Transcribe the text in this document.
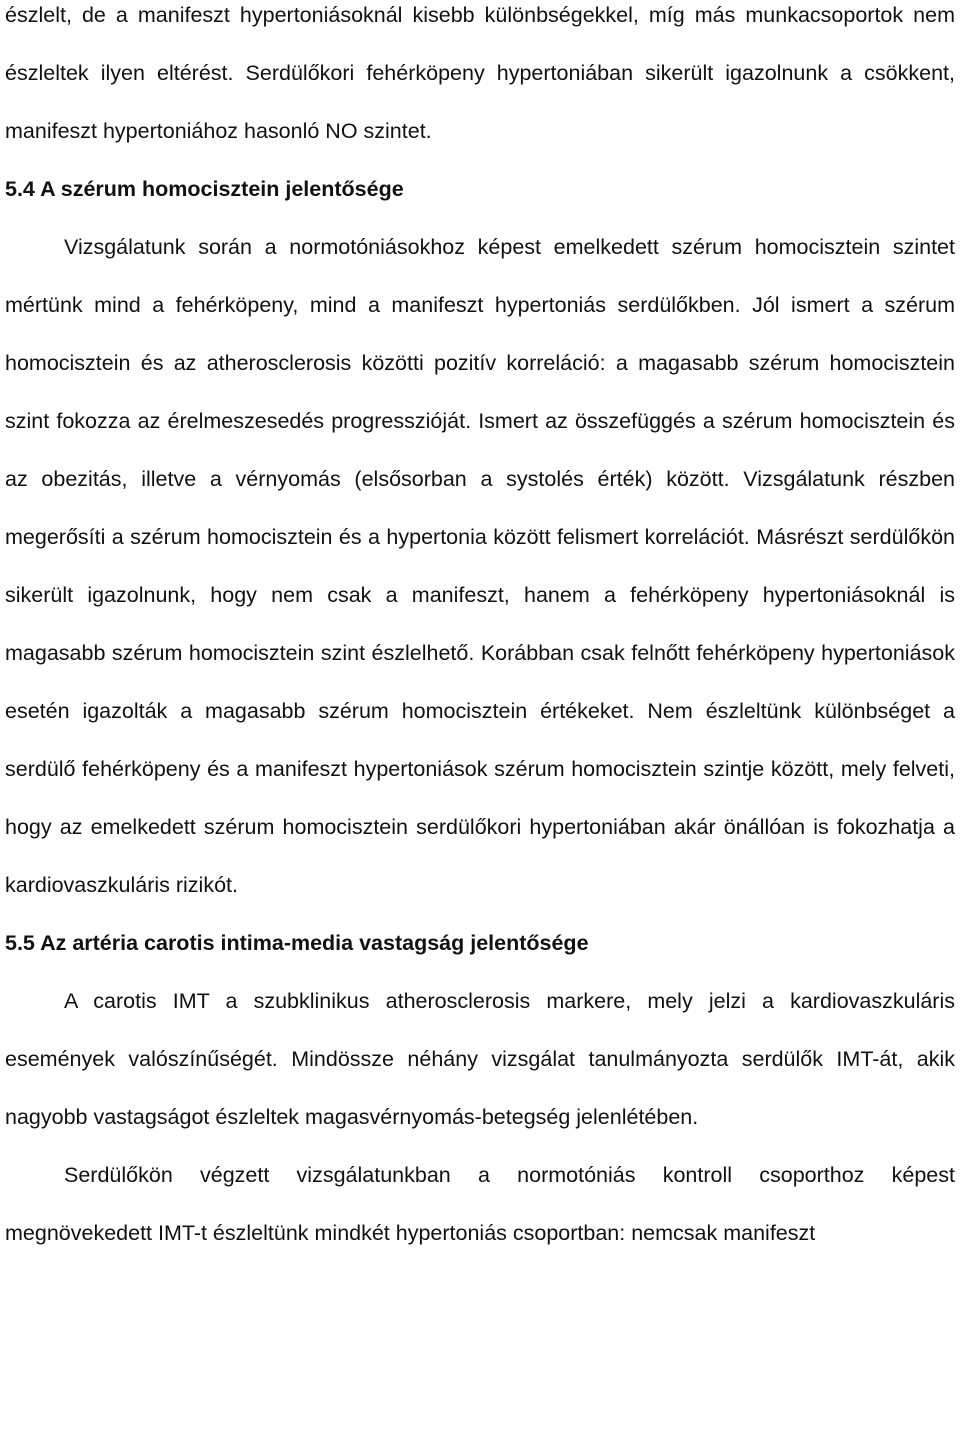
észlelt, de a manifeszt hypertoniásoknál kisebb különbségekkel, míg más munkacsoportok nem észleltek ilyen eltérést. Serdülőkori fehérköpeny hypertoniában sikerült igazolnunk a csökkent, manifeszt hypertoniához hasonló NO szintet.

5.4 A szérum homocisztein jelentősége

Vizsgálatunk során a normotóniásokhoz képest emelkedett szérum homocisztein szintet mértünk mind a fehérköpeny, mind a manifeszt hypertoniás serdülőkben. Jól ismert a szérum homocisztein és az atherosclerosis közötti pozitív korreláció: a magasabb szérum homocisztein szint fokozza az érelmeszesedés progresszióját. Ismert az összefüggés a szérum homocisztein és az obezitás, illetve a vérnyomás (elsősorban a systolés érték) között. Vizsgálatunk részben megerősíti a szérum homocisztein és a hypertonia között felismert korrelációt. Másrészt serdülőkön sikerült igazolnunk, hogy nem csak a manifeszt, hanem a fehérköpeny hypertoniásoknál is magasabb szérum homocisztein szint észlelhető. Korábban csak felnőtt fehérköpeny hypertoniások esetén igazolták a magasabb szérum homocisztein értékeket. Nem észleltünk különbséget a serdülő fehérköpeny és a manifeszt hypertoniások szérum homocisztein szintje között, mely felveti, hogy az emelkedett szérum homocisztein serdülőkori hypertoniában akár önállóan is fokozhatja a kardiovaszkuláris rizikót.

5.5 Az artéria carotis intima-media vastagság jelentősége

A carotis IMT a szubklinikus atherosclerosis markere, mely jelzi a kardiovaszkuláris események valószínűségét. Mindössze néhány vizsgálat tanulmányozta serdülők IMT-át, akik nagyobb vastagságot észleltek magasvérnyomás-betegség jelenlétében.

Serdülőkön végzett vizsgálatunkban a normotóniás kontroll csoporthoz képest megnövekedett IMT-t észleltünk mindkét hypertoniás csoportban: nemcsak manifeszt
